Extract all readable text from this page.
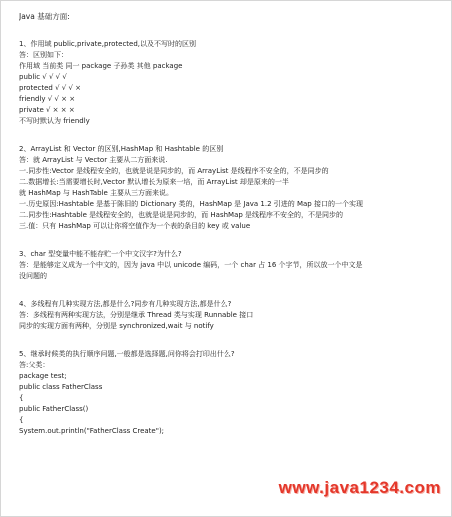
Java 基础方面:
1、作用域 public,private,protected,以及不写时的区别
答：区别如下：
作用域 当前类 同一 package 子孙类 其他 package
public √ √ √ √
protected √ √ √ ×
friendly √ √ × ×
private √ × × ×
不写时默认为 friendly
2、ArrayList 和 Vector 的区别,HashMap 和 Hashtable 的区别
答：就 ArrayList 与 Vector 主要从二方面来说.
一.同步性:Vector 是线程安全的，也就是说是同步的，而 ArrayList 是线程序不安全的，不是同步的
二.数据增长:当需要增长时,Vector 默认增长为原来一培，而 ArrayList 却是原来的一半
就 HashMap 与 HashTable 主要从三方面来说。
一.历史原因:Hashtable 是基于陈旧的 Dictionary 类的，HashMap 是 Java 1.2 引进的 Map 接口的一个实现
二.同步性:Hashtable 是线程安全的，也就是说是同步的，而 HashMap 是线程序不安全的，不是同步的
三.值：只有 HashMap 可以让你将空值作为一个表的条目的 key 或 value
3、char 型变量中能不能存贮一个中文汉字?为什么?
答：是能够定义成为一个中文的，因为 java 中以 unicode 编码，一个 char 占 16 个字节，所以放一个中文是
没问题的
4、多线程有几种实现方法,都是什么?同步有几种实现方法,都是什么?
答：多线程有两种实现方法，分别是继承 Thread 类与实现 Runnable 接口
同步的实现方面有两种，分别是 synchronized,wait 与 notify
5、继承时候类的执行顺序问题,一般都是选择题,问你将会打印出什么?
答:父类：
package test;
public class FatherClass
{
public FatherClass()
{
System.out.println("FatherClass Create");
www.java1234.com
